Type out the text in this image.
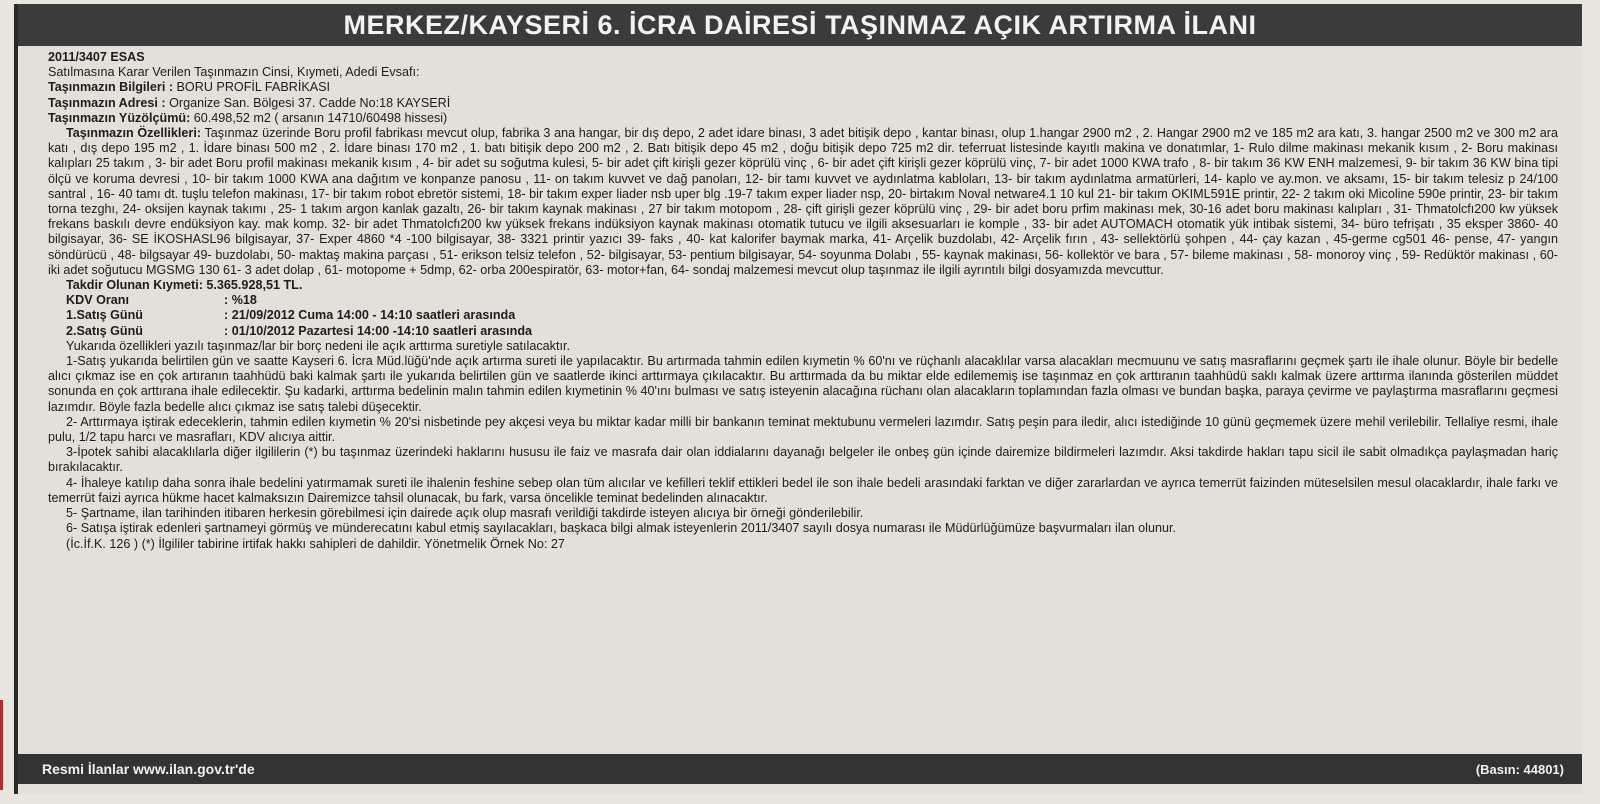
MERKEZ/KAYSERİ 6. İCRA DAİRESİ TAŞINMAZ AÇIK ARTIRMA İLANI
2011/3407 ESAS
Satılmasına Karar Verilen Taşınmazın Cinsi, Kıymeti, Adedi Evsafı:
Taşınmazın Bilgileri : BORU PROFİL FABRİKASI
Taşınmazın Adresi : Organize San. Bölgesi 37. Cadde No:18 KAYSERİ
Taşınmazın Yüzölçümü: 60.498,52 m2 ( arsanın 14710/60498 hissesi)

Taşınmazın Özellikleri: Taşınmaz üzerinde Boru profil fabrikası mevcut olup, fabrika 3 ana hangar, bir dış depo, 2 adet idare binası, 3 adet bitişik depo , kantar binası, olup 1.hangar 2900 m2 , 2. Hangar 2900 m2 ve 185 m2 ara katı, 3. hangar 2500 m2 ve 300 m2 ara katı , dış depo 195 m2 , 1. İdare binası 500 m2 , 2. İdare binası 170 m2 , 1. batı bitişik depo 200 m2 , 2. Batı bitişik depo 45 m2 , doğu bitişik depo 725 m2 dir. teferruat listesinde kayıtlı makina ve donatımlar, 1- Rulo dilme makinası mekanik kısım , 2- Boru makinası kalıpları 25 takım , 3- bir adet Boru profil makinası mekanik kısım , 4- bir adet su soğutma kulesi, 5- bir adet çift kirişli gezer köprülü vinç , 6- bir adet çift kirişli gezer köprülü vinç, 7- bir adet 1000 KWA trafo , 8- bir takım 36 KW ENH malzemesi, 9- bir takım 36 KW bina tipi ölçü ve koruma devresi , 10- bir takım 1000 KWA ana dağıtım ve konpanze panosu , 11- on takım kuvvet ve dağ panoları, 12- bir tamı kuvvet ve aydınlatma kabloları, 13- bir takım aydınlatma armatürleri, 14- kaplo ve ay.mon. ve aksamı, 15- bir takım telesiz p 24/100 santral , 16- 40 tamı dt. tuşlu telefon makinası, 17- bir takım robot ebretör sistemi, 18- bir takım exper liader nsb uper blg .19-7 takım exper liader nsp, 20- birtakım Noval netware4.1 10 kul 21- bir takım OKIML591E printir, 22- 2 takım oki Micoline 590e printir, 23- bir takım torna tezghı, 24- oksijen kaynak takımı , 25- 1 takım argon kanlak gazaltı, 26- bir takım kaynak makinası , 27 bir takım motopom , 28- çift girişli gezer köprülü vinç , 29- bir adet boru prfim makinası mek, 30-16 adet boru makinası kalıpları , 31- Thmatolcfı200 kw yüksek frekans baskılı devre endüksiyon kay. mak komp. 32- bir adet Thmatolcfı200 kw yüksek frekans indüksiyon kaynak makinası otomatik tutucu ve ilgili aksesuarları ie komple , 33- bir adet AUTOMACH otomatik yük intibak sistemi, 34- büro tefrişatı , 35 eksper 3860- 40 bilgisayar, 36- SE İKOSHASL96 bilgisayar, 37- Exper 4860 *4 -100 bilgisayar, 38- 3321 printir yazıcı 39- faks , 40- kat kalorifer baymak marka, 41- Arçelik buzdolabı, 42- Arçelik fırın , 43- sellektörlü şohpen , 44- çay kazan , 45-germe cg501 46- pense, 47- yangın söndürücü , 48- bilgsayar 49- buzdolabı, 50- maktaş makina parçası , 51- erikson telsiz telefon , 52- bilgisayar, 53- pentium bilgisayar, 54- soyunma Dolabı , 55- kaynak makinası, 56- kollektör ve bara , 57- bileme makinası , 58- monoroy vinç , 59- Redüktör makinası , 60- iki adet soğutucu MGSMG 130 61- 3 adet dolap , 61- motopome + 5dmp, 62- orba 200espiratör, 63- motor+fan, 64- sondaj malzemesi mevcut olup taşınmaz ile ilgili ayrıntılı bilgi dosyamızda mevcuttur.

Takdir Olunan Kıymeti: 5.365.928,51 TL.
KDV Oranı	: %18
1.Satış Günü	: 21/09/2012 Cuma 14:00 - 14:10 saatleri arasında
2.Satış Günü	: 01/10/2012 Pazartesi 14:00 -14:10 saatleri arasında

Yukarıda özellikleri yazılı taşınmaz/lar bir borç nedeni ile açık arttırma suretiyle satılacaktır.

1-Satış yukarıda belirtilen gün ve saatte Kayseri 6. İcra Müd.lüğü'nde açık artırma sureti ile yapılacaktır. Bu artırmada tahmin edilen kıymetin % 60'nı ve rüçhanlı alacaklılar varsa alacakları mecmuunu ve satış masraflarını geçmek şartı ile ihale olunur. Böyle bir bedelle alıcı çıkmaz ise en çok artıranın taahhüdü baki kalmak şartı ile yukarıda belirtilen gün ve saatlerde ikinci arttırmaya çıkılacaktır. Bu arttırmada da bu miktar elde edilememiş ise taşınmaz en çok arttıranın taahhüdü saklı kalmak üzere arttırma ilanında gösterilen müddet sonunda en çok arttırana ihale edilecektir. Şu kadarki, arttırma bedelinin malın tahmin edilen kıymetinin % 40'ını bulması ve satış isteyenin alacağına rüchanı olan alacakların toplamından fazla olması ve bundan başka, paraya çevirme ve paylaştırma masraflarını geçmesi lazımdır. Böyle fazla bedelle alıcı çıkmaz ise satış talebi düşecektir.

2- Arttırmaya iştirak edeceklerin, tahmin edilen kıymetin % 20'si nisbetinde pey akçesi veya bu miktar kadar milli bir bankanın teminat mektubunu vermeleri lazımdır. Satış peşin para iledir, alıcı istediğinde 10 günü geçmemek üzere mehil verilebilir. Tellaliye resmi, ihale pulu, 1/2 tapu harcı ve masrafları, KDV alıcıya aittir.

3-İpotek sahibi alacaklılarla diğer ilgililerin (*) bu taşınmaz üzerindeki haklarını hususu ile faiz ve masrafa dair olan iddialarını dayanağı belgeler ile onbeş gün içinde dairemize bildirmeleri lazımdır. Aksi takdirde hakları tapu sicil ile sabit olmadıkça paylaşmadan hariç bırakılacaktır.

4- İhaleye katılıp daha sonra ihale bedelini yatırmamak sureti ile ihalenin feshine sebep olan tüm alıcılar ve kefilleri teklif ettikleri bedel ile son ihale bedeli arasındaki farktan ve diğer zararlardan ve ayrıca temerrüt faizinden müteselsilen mesul olacaklardır, ihale farkı ve temerrüt faizi ayrıca hükme hacet kalmaksızın Dairemizce tahsil olunacak, bu fark, varsa öncelikle teminat bedelinden alınacaktır.

5- Şartname, ilan tarihinden itibaren herkesin görebilmesi için dairede açık olup masrafı verildiği takdirde isteyen alıcıya bir örneği gönderilebilir.

6- Satışa iştirak edenleri şartnameyi görmüş ve münderecatını kabul etmiş sayılacakları, başkaca bilgi almak isteyenlerin 2011/3407 sayılı dosya numarası ile Müdürlüğümüze başvurmaları ilan olunur.

(İc.İf.K. 126 ) (*) İlgililer tabirine irtifak hakkı sahipleri de dahildir. Yönetmelik Örnek No: 27

Resmi İlanlar www.ilan.gov.tr'de	(Basın: 44801)
